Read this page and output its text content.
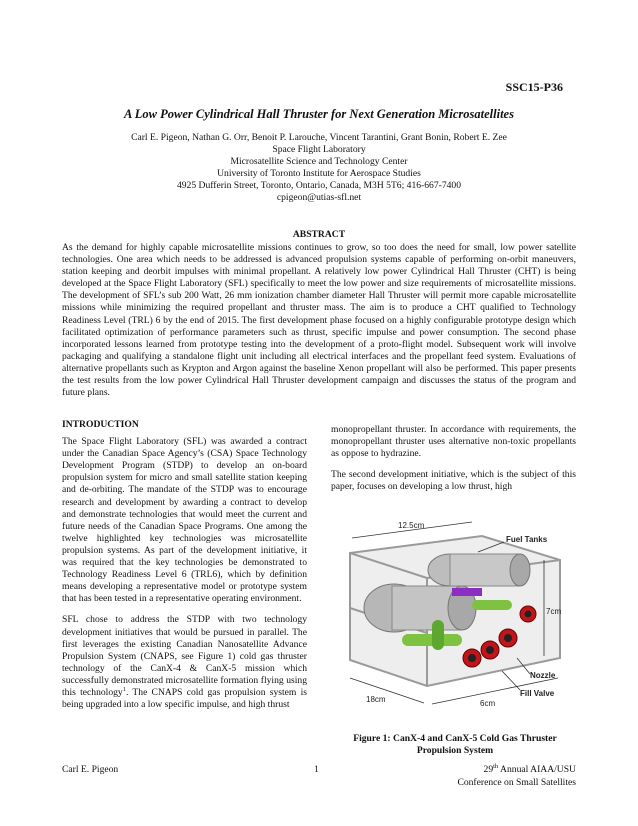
SSC15-P36
A Low Power Cylindrical Hall Thruster for Next Generation Microsatellites
Carl E. Pigeon, Nathan G. Orr, Benoit P. Larouche, Vincent Tarantini, Grant Bonin, Robert E. Zee
Space Flight Laboratory
Microsatellite Science and Technology Center
University of Toronto Institute for Aerospace Studies
4925 Dufferin Street, Toronto, Ontario, Canada, M3H 5T6; 416-667-7400
cpigeon@utias-sfl.net
ABSTRACT
As the demand for highly capable microsatellite missions continues to grow, so too does the need for small, low power satellite technologies. One area which needs to be addressed is advanced propulsion systems capable of performing on-orbit maneuvers, station keeping and deorbit impulses with minimal propellant. A relatively low power Cylindrical Hall Thruster (CHT) is being developed at the Space Flight Laboratory (SFL) specifically to meet the low power and size requirements of microsatellite missions. The development of SFL’s sub 200 Watt, 26 mm ionization chamber diameter Hall Thruster will permit more capable microsatellite missions while minimizing the required propellant and thruster mass. The aim is to produce a CHT qualified to Technology Readiness Level (TRL) 6 by the end of 2015. The first development phase focused on a highly configurable prototype design which facilitated optimization of performance parameters such as thrust, specific impulse and power consumption. The second phase incorporated lessons learned from prototype testing into the development of a proto-flight model. Subsequent work will involve packaging and qualifying a standalone flight unit including all electrical interfaces and the propellant feed system. Evaluations of alternative propellants such as Krypton and Argon against the baseline Xenon propellant will also be performed. This paper presents the test results from the low power Cylindrical Hall Thruster development campaign and discusses the status of the program and future plans.
INTRODUCTION

The Space Flight Laboratory (SFL) was awarded a contract under the Canadian Space Agency’s (CSA) Space Technology Development Program (STDP) to develop an on-board propulsion system for micro and small satellite station keeping and de-orbiting. The mandate of the STDP was to encourage research and development by awarding a contract to develop and demonstrate technologies that would meet the current and future needs of the Canadian Space Programs. One among the twelve highlighted key technologies was microsatellite propulsion systems. As part of the development initiative, it was required that the key technologies be demonstrated to Technology Readiness Level 6 (TRL6), which by definition means developing a representative model or prototype system that has been tested in a representative operating environment.

SFL chose to address the STDP with two technology development initiatives that would be pursued in parallel. The first leverages the existing Canadian Nanosatellite Advance Propulsion System (CNAPS, see Figure 1) cold gas thruster technology of the CanX-4 & CanX-5 mission which successfully demonstrated microsatellite formation flying using this technology$^1$. The CNAPS cold gas propulsion system is being upgraded into a low specific impulse, and high thrust

monopropellant thruster. In accordance with requirements, the monopropellant thruster uses alternative non-toxic propellants as oppose to hydrazine.

The second development initiative, which is the subject of this paper, focuses on developing a low thrust, high

12.5cm
Fuel Tanks
7cm
Nozzle
Fill Valve
18cm	6cm
Figure 1: CanX-4 and CanX-5 Cold Gas Thruster Propulsion System
Carl E. Pigeon	1	29th Annual AIAA/USU
Conference on Small Satellites
